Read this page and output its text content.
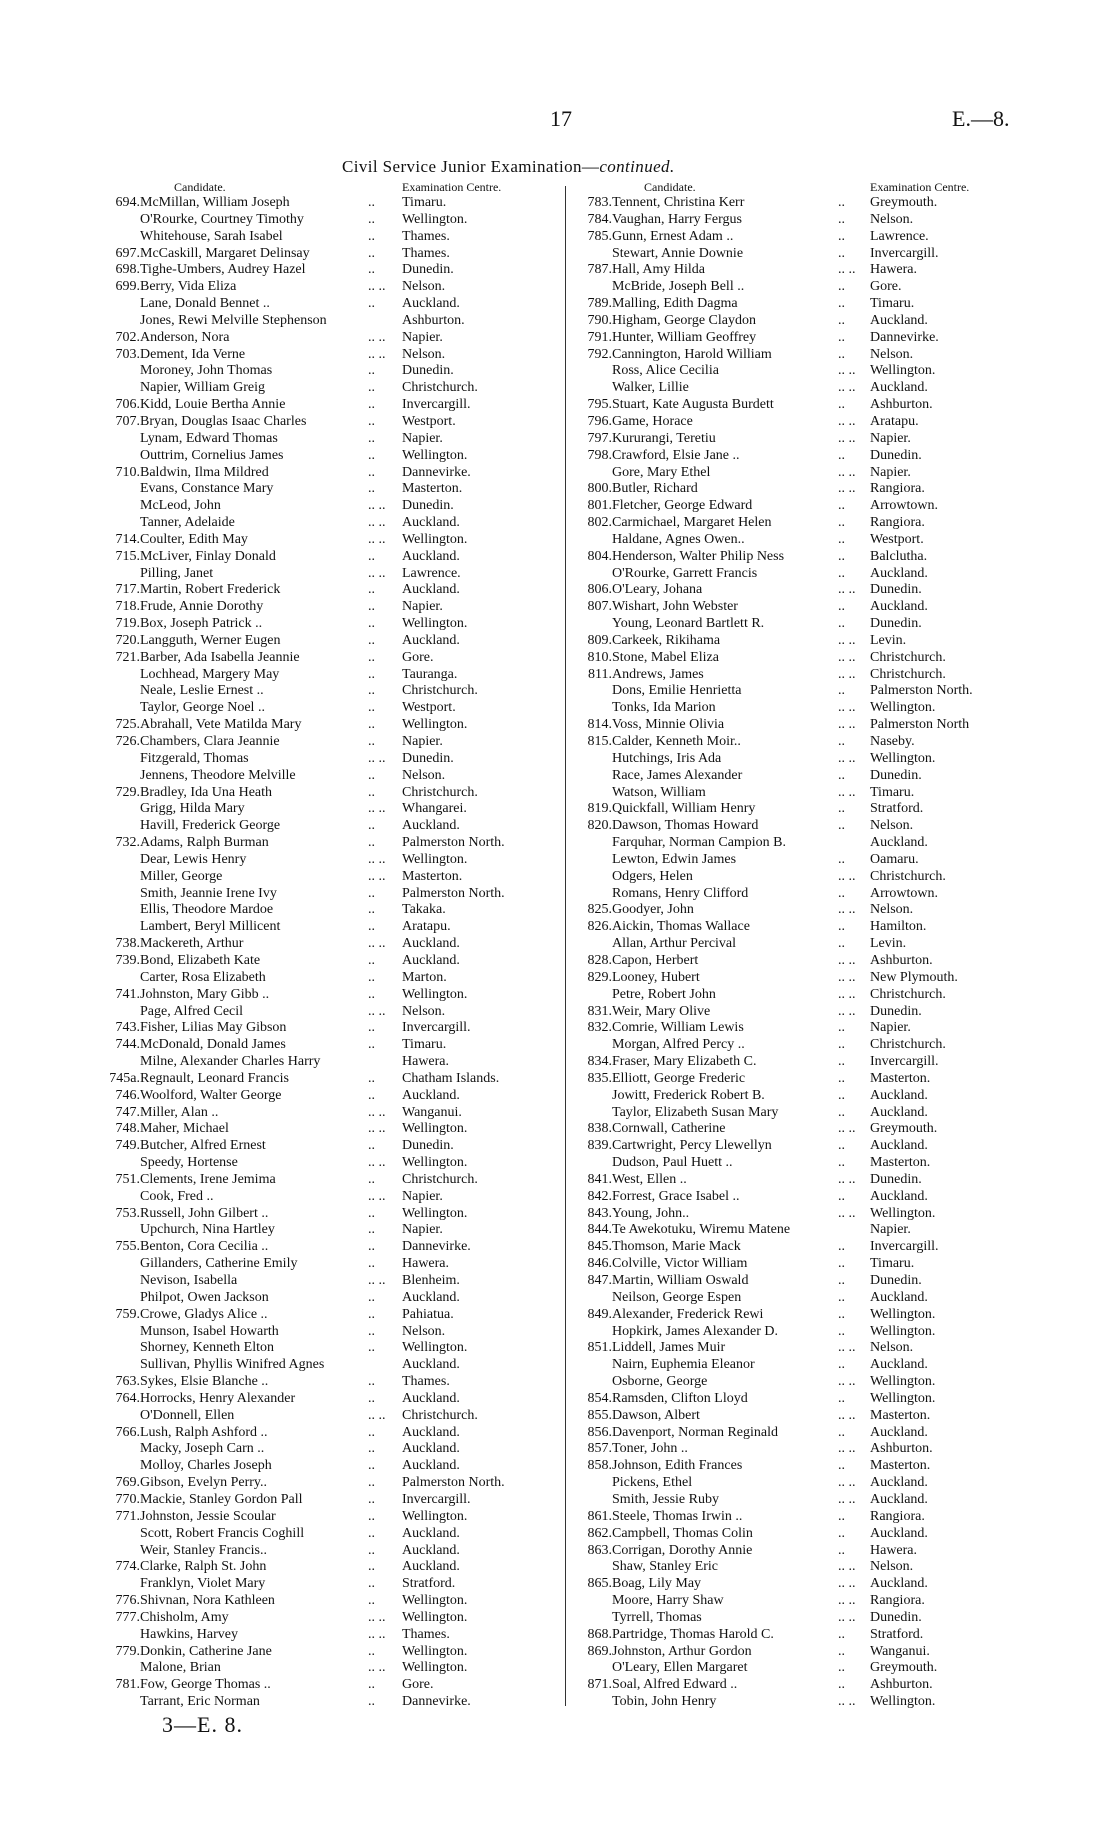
17	E.—8.
Civil Service Junior Examination—continued.
Candidate.	Examination Centre.
694. McMillan, William Joseph	.. Timaru.
O'Rourke, Courtney Timothy	.. Wellington.
Whitehouse, Sarah Isabel	.. Thames.
697. McCaskill, Margaret Delinsay	.. Thames.
698. Tighe-Umbers, Audrey Hazel	.. Dunedin.
699. Berry, Vida Eliza	.. .. Nelson.
Lane, Donald Bennet ..	.. Auckland.
Jones, Rewi Melville Stephenson	Ashburton.
702. Anderson, Nora	.. .. Napier.
703. Dement, Ida Verne	.. .. Nelson.
Moroney, John Thomas	.. Dunedin.
Napier, William Greig	.. Christchurch.
706. Kidd, Louie Bertha Annie	.. Invercargill.
707. Bryan, Douglas Isaac Charles	.. Westport.
Lynam, Edward Thomas	.. Napier.
Outtrim, Cornelius James	.. Wellington.
710. Baldwin, Ilma Mildred	.. Dannevirke.
Evans, Constance Mary	.. Masterton.
McLeod, John	.. .. Dunedin.
Tanner, Adelaide	.. .. Auckland.
714. Coulter, Edith May	.. .. Wellington.
715. McLiver, Finlay Donald	.. Auckland.
Pilling, Janet	.. .. Lawrence.
717. Martin, Robert Frederick	.. Auckland.
718. Frude, Annie Dorothy	.. Napier.
719. Box, Joseph Patrick ..	.. Wellington.
720. Langguth, Werner Eugen	.. Auckland.
721. Barber, Ada Isabella Jeannie	.. Gore.
Lochhead, Margery May	.. Tauranga.
Neale, Leslie Ernest ..	.. Christchurch.
Taylor, George Noel ..	.. Westport.
725. Abrahall, Vete Matilda Mary	.. Wellington.
726. Chambers, Clara Jeannie	.. Napier.
Fitzgerald, Thomas	.. .. Dunedin.
Jennens, Theodore Melville	.. Nelson.
729. Bradley, Ida Una Heath	.. Christchurch.
Grigg, Hilda Mary	.. .. Whangarei.
Havill, Frederick George	.. Auckland.
732. Adams, Ralph Burman	.. Palmerston North.
Dear, Lewis Henry	.. .. Wellington.
Miller, George	.. .. Masterton.
Smith, Jeannie Irene Ivy	.. Palmerston North.
Ellis, Theodore Mardoe	.. Takaka.
Lambert, Beryl Millicent	.. Aratapu.
738. Mackereth, Arthur	.. .. Auckland.
739. Bond, Elizabeth Kate	.. Auckland.
Carter, Rosa Elizabeth	.. Marton.
741. Johnston, Mary Gibb ..	.. Wellington.
Page, Alfred Cecil	.. .. Nelson.
743. Fisher, Lilias May Gibson	.. Invercargill.
744. McDonald, Donald James	.. Timaru.
Milne, Alexander Charles Harry	Hawera.
745a. Regnault, Leonard Francis	.. Chatham Islands.
746. Woolford, Walter George	.. Auckland.
747. Miller, Alan ..	.. .. Wanganui.
748. Maher, Michael	.. .. Wellington.
749. Butcher, Alfred Ernest	.. Dunedin.
Speedy, Hortense	.. .. Wellington.
751. Clements, Irene Jemima	.. Christchurch.
Cook, Fred ..	.. .. Napier.
753. Russell, John Gilbert ..	.. Wellington.
Upchurch, Nina Hartley	.. Napier.
755. Benton, Cora Cecilia ..	.. Dannevirke.
Gillanders, Catherine Emily	.. Hawera.
Nevison, Isabella	.. .. Blenheim.
Philpot, Owen Jackson	.. Auckland.
759. Crowe, Gladys Alice ..	.. Pahiatua.
Munson, Isabel Howarth	.. Nelson.
Shorney, Kenneth Elton	.. Wellington.
Sullivan, Phyllis Winifred Agnes	Auckland.
763. Sykes, Elsie Blanche ..	.. Thames.
764. Horrocks, Henry Alexander	.. Auckland.
O'Donnell, Ellen	.. .. Christchurch.
766. Lush, Ralph Ashford ..	.. Auckland.
Macky, Joseph Carn ..	.. Auckland.
Molloy, Charles Joseph	.. Auckland.
769. Gibson, Evelyn Perry..	.. Palmerston North.
770. Mackie, Stanley Gordon Pall	.. Invercargill.
771. Johnston, Jessie Scoular	.. Wellington.
Scott, Robert Francis Coghill	.. Auckland.
Weir, Stanley Francis..	.. Auckland.
774. Clarke, Ralph St. John	.. Auckland.
Franklyn, Violet Mary	.. Stratford.
776. Shivnan, Nora Kathleen	.. Wellington.
777. Chisholm, Amy	.. .. Wellington.
Hawkins, Harvey	.. .. Thames.
779. Donkin, Catherine Jane	.. Wellington.
Malone, Brian	.. .. Wellington.
781. Fow, George Thomas ..	.. Gore.
Tarrant, Eric Norman	.. Dannevirke.
Candidate.	Examination Centre.
783. Tennent, Christina Kerr	.. Greymouth.
784. Vaughan, Harry Fergus	.. Nelson.
785. Gunn, Ernest Adam ..	.. Lawrence.
Stewart, Annie Downie	.. Invercargill.
787. Hall, Amy Hilda	.. .. Hawera.
McBride, Joseph Bell ..	.. Gore.
789. Malling, Edith Dagma	.. Timaru.
790. Higham, George Claydon	.. Auckland.
791. Hunter, William Geoffrey	.. Dannevirke.
792. Cannington, Harold William	.. Nelson.
Ross, Alice Cecilia	.. .. Wellington.
Walker, Lillie	.. .. Auckland.
795. Stuart, Kate Augusta Burdett	.. Ashburton.
796. Game, Horace	.. .. Aratapu.
797. Kururangi, Teretiu	.. .. Napier.
798. Crawford, Elsie Jane ..	.. Dunedin.
Gore, Mary Ethel	.. .. Napier.
800. Butler, Richard	.. .. Rangiora.
801. Fletcher, George Edward	.. Arrowtown.
802. Carmichael, Margaret Helen	.. Rangiora.
Haldane, Agnes Owen..	.. Westport.
804. Henderson, Walter Philip Ness	.. Balclutha.
O'Rourke, Garrett Francis	.. Auckland.
806. O'Leary, Johana	.. .. Dunedin.
807. Wishart, John Webster	.. Auckland.
Young, Leonard Bartlett R.	.. Dunedin.
809. Carkeek, Rikihama	.. .. Levin.
810. Stone, Mabel Eliza	.. .. Christchurch.
811. Andrews, James	.. .. Christchurch.
Dons, Emilie Henrietta	.. Palmerston North.
Tonks, Ida Marion	.. .. Wellington.
814. Voss, Minnie Olivia	.. .. Palmerston North
815. Calder, Kenneth Moir..	.. Naseby.
Hutchings, Iris Ada	.. .. Wellington.
Race, James Alexander	.. Dunedin.
Watson, William	.. .. Timaru.
819. Quickfall, William Henry	.. Stratford.
820. Dawson, Thomas Howard	.. Nelson.
Farquhar, Norman Campion B.	Auckland.
Lewton, Edwin James	.. Oamaru.
Odgers, Helen	.. .. Christchurch.
Romans, Henry Clifford	.. Arrowtown.
825. Goodyer, John	.. .. Nelson.
826. Aickin, Thomas Wallace	.. Hamilton.
Allan, Arthur Percival	.. Levin.
828. Capon, Herbert	.. .. Ashburton.
829. Looney, Hubert	.. .. New Plymouth.
Petre, Robert John	.. .. Christchurch.
831. Weir, Mary Olive	.. .. Dunedin.
832. Comrie, William Lewis	.. Napier.
Morgan, Alfred Percy ..	.. Christchurch.
834. Fraser, Mary Elizabeth C.	.. Invercargill.
835. Elliott, George Frederic	.. Masterton.
Jowitt, Frederick Robert B.	.. Auckland.
Taylor, Elizabeth Susan Mary	.. Auckland.
838. Cornwall, Catherine	.. .. Greymouth.
839. Cartwright, Percy Llewellyn	.. Auckland.
Dudson, Paul Huett ..	.. Masterton.
841. West, Ellen ..	.. .. Dunedin.
842. Forrest, Grace Isabel ..	.. Auckland.
843. Young, John..	.. .. Wellington.
844. Te Awekotuku, Wiremu Matene	Napier.
845. Thomson, Marie Mack	.. Invercargill.
846. Colville, Victor William	.. Timaru.
847. Martin, William Oswald	.. Dunedin.
Neilson, George Espen	.. Auckland.
849. Alexander, Frederick Rewi	.. Wellington.
Hopkirk, James Alexander D.	.. Wellington.
851. Liddell, James Muir	.. .. Nelson.
Nairn, Euphemia Eleanor	.. Auckland.
Osborne, George	.. .. Wellington.
854. Ramsden, Clifton Lloyd	.. Wellington.
855. Dawson, Albert	.. .. Masterton.
856. Davenport, Norman Reginald	.. Auckland.
857. Toner, John ..	.. .. Ashburton.
858. Johnson, Edith Frances	.. Masterton.
Pickens, Ethel	.. .. Auckland.
Smith, Jessie Ruby	.. .. Auckland.
861. Steele, Thomas Irwin ..	.. Rangiora.
862. Campbell, Thomas Colin	.. Auckland.
863. Corrigan, Dorothy Annie	.. Hawera.
Shaw, Stanley Eric	.. .. Nelson.
865. Boag, Lily May	.. .. Auckland.
Moore, Harry Shaw	.. .. Rangiora.
Tyrrell, Thomas	.. .. Dunedin.
868. Partridge, Thomas Harold C.	.. Stratford.
869. Johnston, Arthur Gordon	.. Wanganui.
O'Leary, Ellen Margaret	.. Greymouth.
871. Soal, Alfred Edward ..	.. Ashburton.
Tobin, John Henry	.. .. Wellington.
3—E. 8.
